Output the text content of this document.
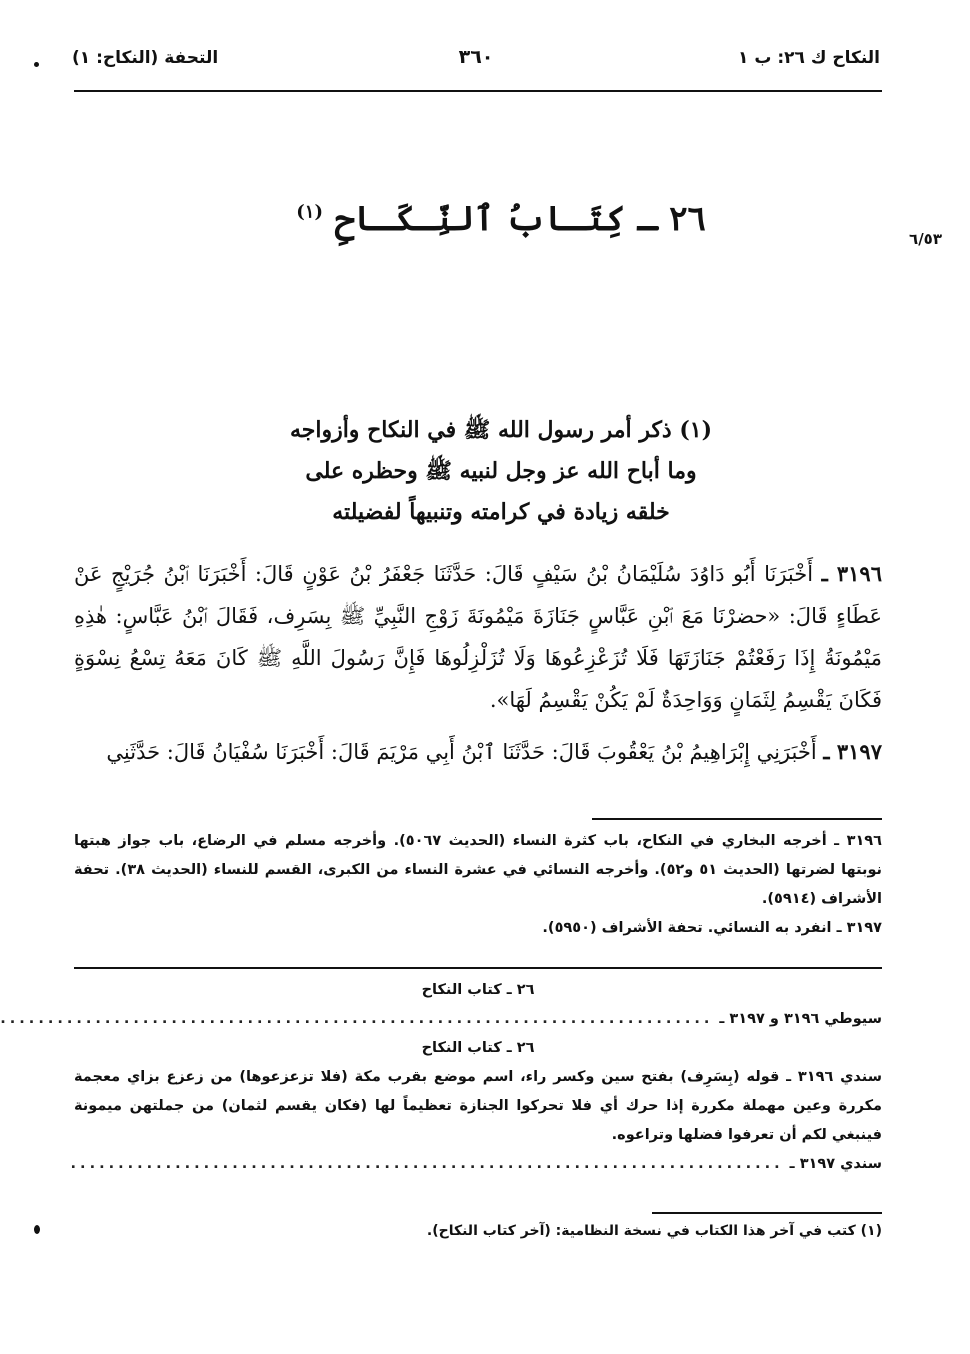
النكاح ك ٢٦: ب ١
٣٦٠
التحفة (النكاح: ١)
٦/٥٣
٢٦ ـ كِتَـابُ ٱلنِّـكَـاحِ $^{(١)}$
(١) ذكر أمر رسول الله ﷺ في النكاح وأزواجه
وما أباح الله عز وجل لنبيه ﷺ وحظره على
خلقه زيادة في كرامته وتنبيهاً لفضيلته

٣١٩٦ ـ أَخْبَرَنَا أَبُو دَاوُدَ سُلَيْمَانُ بْنُ سَيْفٍ قَالَ: حَدَّثَنَا جَعْفَرُ بْنُ عَوْنٍ قَالَ: أَخْبَرَنَا ٱبْنُ جُرَيْجٍ عَنْ عَطَاءٍ قَالَ: «حضرْنَا مَعَ ٱبْنِ عَبَّاسٍ جَنَازَةَ مَيْمُونَةَ زَوْجِ النَّبِيِّ ﷺ بِسَرِف، فَقَالَ ٱبْنُ عَبَّاسٍ: هٰذِهِ مَيْمُونَةُ إِذَا رَفَعْتُمْ جَنَازَتَهَا فَلَا تُزَعْزِعُوهَا وَلَا تُزَلْزِلُوهَا فَإِنَّ رَسُولَ اللَّهِ ﷺ كَانَ مَعَهُ تِسْعُ نِسْوَةٍ فَكَانَ يَقْسِمُ لِثَمَانٍ وَوَاحِدَةٌ لَمْ يَكُنْ يَقْسِمُ لَهَا».

٣١٩٧ ـ أَخْبَرَنِي إِبْرَاهِيمُ بْنُ يَعْقُوبَ قَالَ: حَدَّثَنَا ٱبْنُ أَبِي مَرْيَمَ قَالَ: أَخْبَرَنَا سُفْيَانُ قَالَ: حَدَّثَنِي

٣١٩٦ ـ أخرجه البخاري في النكاح، باب كثرة النساء (الحديث ٥٠٦٧). وأخرجه مسلم في الرضاع، باب جواز هبتها نوبتها لضرتها (الحديث ٥١ و٥٢). وأخرجه النسائي في عشرة النساء من الكبرى، القسم للنساء (الحديث ٣٨). تحفة الأشراف (٥٩١٤).

٣١٩٧ ـ انفرد به النسائي. تحفة الأشراف (٥٩٥٠).

٢٦ ـ كتاب النكاح

سيوطي ٣١٩٦ و ٣١٩٧ ـ
...........................................................................

٢٦ ـ كتاب النكاح

سندي ٣١٩٦ ـ قوله (بِسَرِف) بفتح سين وكسر راء، اسم موضع بقرب مكة (فلا تزعزعوها) من زعزع بزاي معجمة مكررة وعين مهملة مكررة إذا حرك أي فلا تحركوا الجنازة تعظيماً لها (فكان يقسم لثمان) من جملتهن ميمونة فينبغي لكم أن تعرفوا فضلها وتراعوه.

سندي ٣١٩٧ ـ
...........................................................................
(١) كتب في آخر هذا الكتاب في نسخة النظامية: (آخر كتاب النكاح).
